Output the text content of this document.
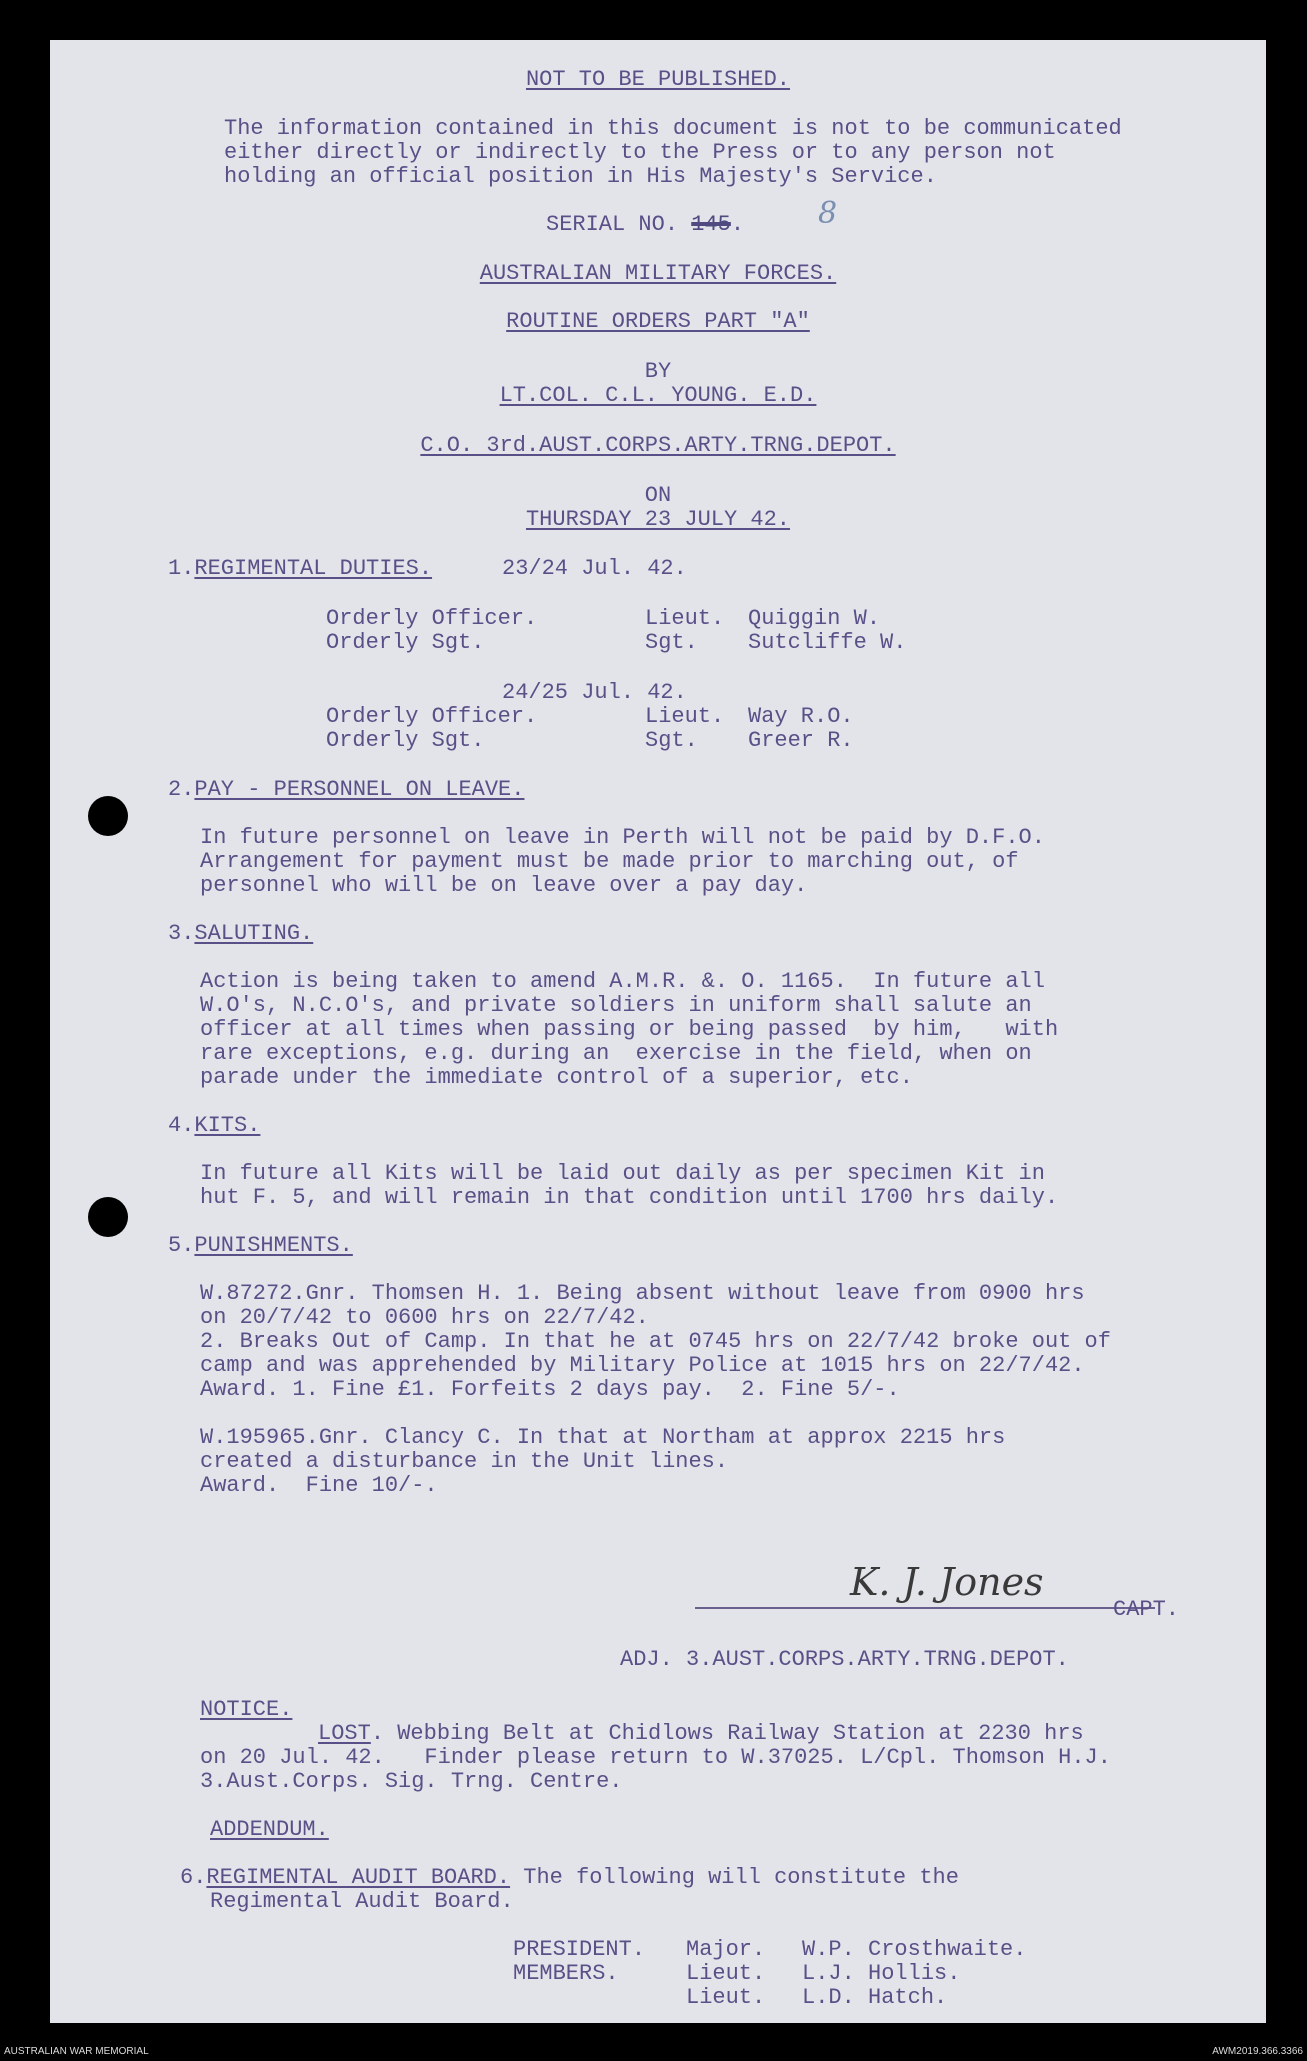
NOT TO BE PUBLISHED.
The information contained in this document is not to be communicated
either directly or indirectly to the Press or to any person not
holding an official position in His Majesty's Service.
SERIAL NO. 145. 8
AUSTRALIAN MILITARY FORCES.
ROUTINE ORDERS PART "A"
BY
LT.COL. C.L. YOUNG. E.D.
C.O. 3rd.AUST.CORPS.ARTY.TRNG.DEPOT.
ON
THURSDAY 23 JULY 42.
1.REGIMENTAL DUTIES.	23/24 Jul. 42.
Orderly Officer.	Lieut. Quiggin W.
Orderly Sgt.	Sgt. Sutcliffe W.
24/25 Jul. 42.
Orderly Officer.	Lieut. Way R.O.
Orderly Sgt.	Sgt. Greer R.
2.PAY - PERSONNEL ON LEAVE.
In future personnel on leave in Perth will not be paid by D.F.O.
Arrangement for payment must be made prior to marching out, of
personnel who will be on leave over a pay day.
3.SALUTING.
Action is being taken to amend A.M.R. &. O. 1165.  In future all
W.O's, N.C.O's, and private soldiers in uniform shall salute an
officer at all times when passing or being passed  by him,   with
rare exceptions, e.g. during an  exercise in the field, when on
parade under the immediate control of a superior, etc.
4.KITS.
In future all Kits will be laid out daily as per specimen Kit in
hut F. 5, and will remain in that condition until 1700 hrs daily.
5.PUNISHMENTS.
W.87272.Gnr. Thomsen H. 1. Being absent without leave from 0900 hrs
on 20/7/42 to 0600 hrs on 22/7/42.
2. Breaks Out of Camp. In that he at 0745 hrs on 22/7/42 broke out of
camp and was apprehended by Military Police at 1015 hrs on 22/7/42.
Award. 1. Fine £1. Forfeits 2 days pay.  2. Fine 5/-.
W.195965.Gnr. Clancy C. In that at Northam at approx 2215 hrs
created a disturbance in the Unit lines.
Award.  Fine 10/-.
K. J. Jones
CAPT.
ADJ. 3.AUST.CORPS.ARTY.TRNG.DEPOT.
NOTICE.
LOST. Webbing Belt at Chidlows Railway Station at 2230 hrs
on 20 Jul. 42.   Finder please return to W.37025. L/Cpl. Thomson H.J.
3.Aust.Corps. Sig. Trng. Centre.
ADDENDUM.
6.REGIMENTAL AUDIT BOARD. The following will constitute the
Regimental Audit Board.
PRESIDENT. Major. W.P. Crosthwaite.
MEMBERS.	Lieut. L.J. Hollis.
Lieut. L.D. Hatch.
AUSTRALIAN WAR MEMORIAL	AWM2019.366.3366
